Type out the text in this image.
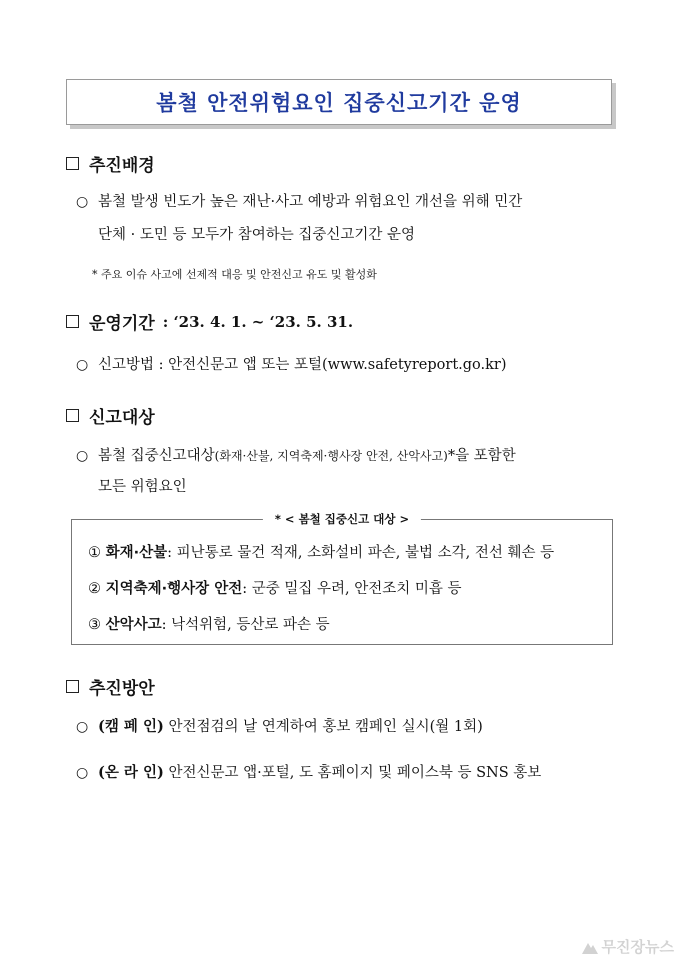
봄철 안전위험요인 집중신고기간 운영
추진배경
○ 봄철 발생 빈도가 높은 재난·사고 예방과 위험요인 개선을 위해 민간
단체 · 도민 등 모두가 참여하는 집중신고기간 운영
* 주요 이슈 사고에 선제적 대응 및 안전신고 유도 및 활성화
운영기간 : ‘23. 4. 1. ~ ‘23. 5. 31.
○ 신고방법 : 안전신문고 앱 또는 포털(www.safetyreport.go.kr)
신고대상
○ 봄철 집중신고대상(화재·산불, 지역축제·행사장 안전, 산악사고)*을 포함한
모든 위험요인
* < 봄철 집중신고 대상 >
① 화재·산불: 피난통로 물건 적재, 소화설비 파손, 불법 소각, 전선 훼손 등
② 지역축제·행사장 안전: 군중 밀집 우려, 안전조치 미흡 등
③ 산악사고: 낙석위험, 등산로 파손 등
추진방안
○ (캠 페 인) 안전점검의 날 연계하여 홍보 캠페인 실시(월 1회)
○ (온 라 인) 안전신문고 앱·포털, 도 홈페이지 및 페이스북 등 SNS 홍보
무진장뉴스
